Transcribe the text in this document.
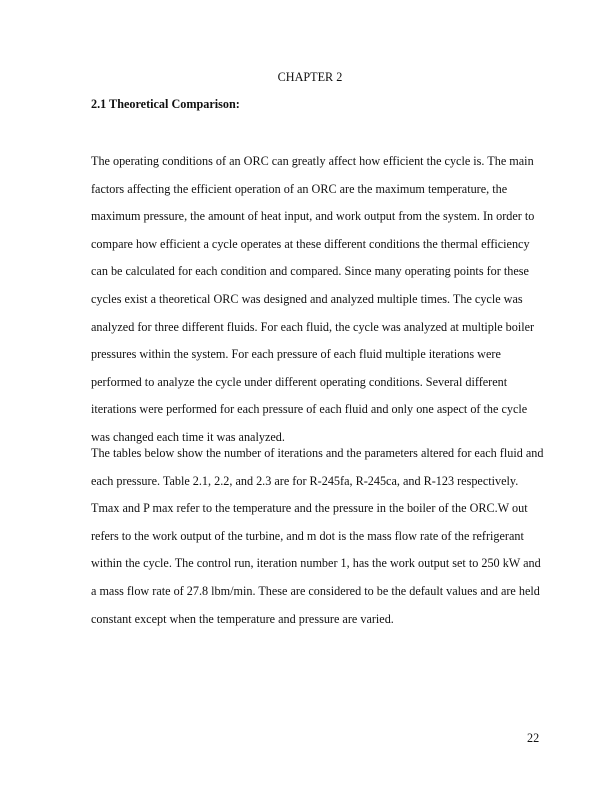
CHAPTER 2
2.1 Theoretical Comparison:
The operating conditions of an ORC can greatly affect how efficient the cycle is. The main
factors affecting the efficient operation of an ORC are the maximum temperature, the
maximum pressure, the amount of heat input, and work output from the system. In order to
compare how efficient a cycle operates at these different conditions the thermal efficiency
can be calculated for each condition and compared. Since many operating points for these
cycles exist a theoretical ORC was designed and analyzed multiple times. The cycle was
analyzed for three different fluids. For each fluid, the cycle was analyzed at multiple boiler
pressures within the system. For each pressure of each fluid multiple iterations were
performed to analyze the cycle under different operating conditions. Several different
iterations were performed for each pressure of each fluid and only one aspect of the cycle
was changed each time it was analyzed.
The tables below show the number of iterations and the parameters altered for each fluid and
each pressure. Table 2.1, 2.2, and 2.3 are for R-245fa, R-245ca, and R-123 respectively.
Tmax and P max refer to the temperature and the pressure in the boiler of the ORC.W out
refers to the work output of the turbine, and m dot is the mass flow rate of the refrigerant
within the cycle. The control run, iteration number 1, has the work output set to 250 kW and
a mass flow rate of 27.8 lbm/min. These are considered to be the default values and are held
constant except when the temperature and pressure are varied.
22
